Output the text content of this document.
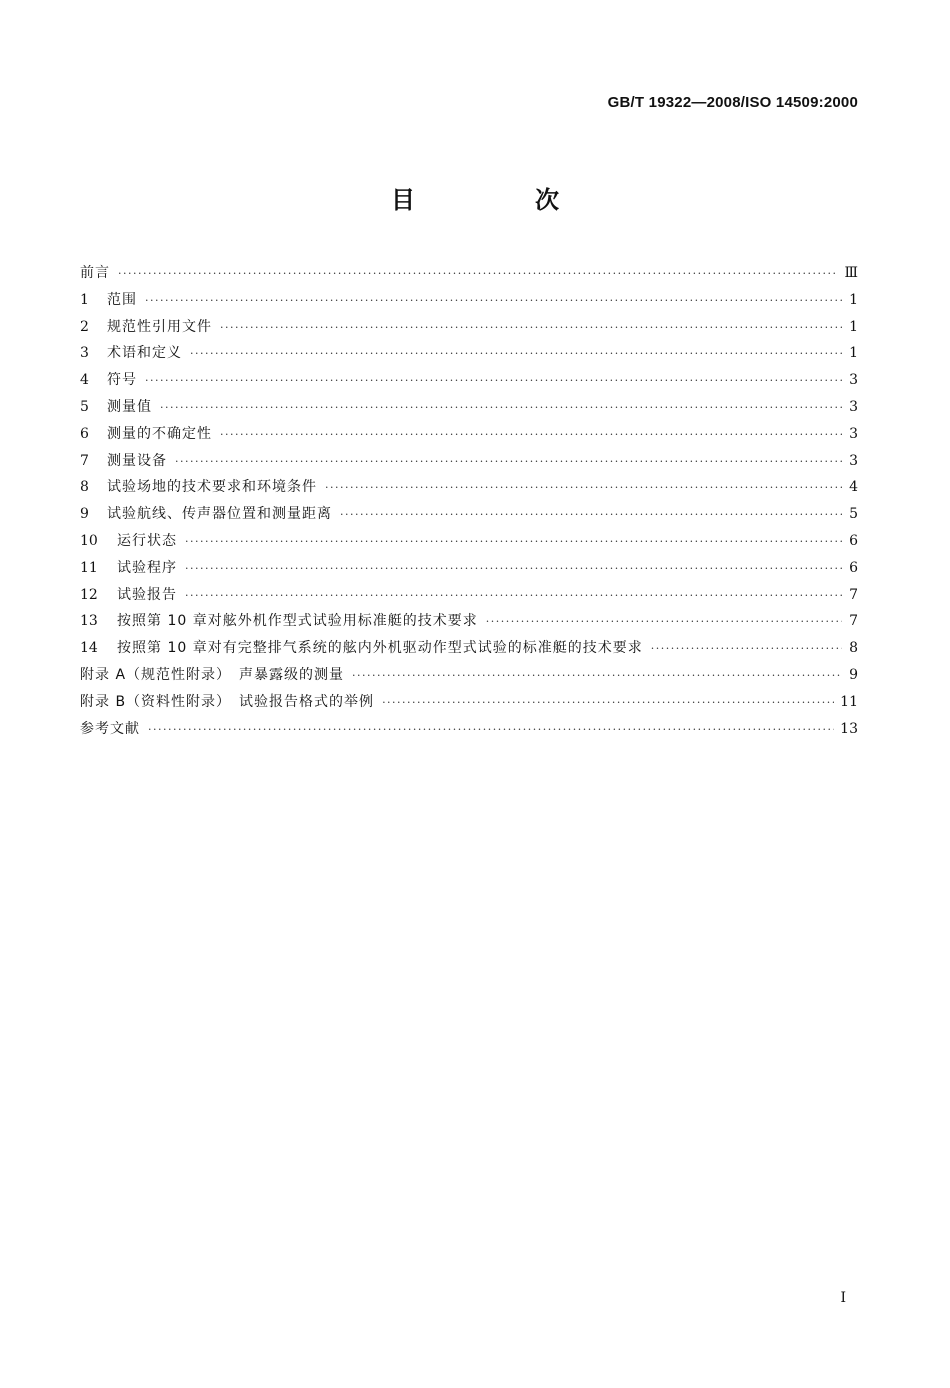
GB/T 19322—2008/ISO 14509:2000
目　次
前言 ·····	Ⅲ
1	范围 ·····	1
2	规范性引用文件 ·····	1
3	术语和定义 ·····	1
4	符号 ·····	3
5	测量值 ·····	3
6	测量的不确定性 ·····	3
7	测量设备 ·····	3
8	试验场地的技术要求和环境条件 ·····	4
9	试验航线、传声器位置和测量距离 ·····	5
10	运行状态 ·····	6
11	试验程序 ·····	6
12	试验报告 ·····	7
13	按照第 10 章对舷外机作型式试验用标准艇的技术要求 ·····	7
14	按照第 10 章对有完整排气系统的舷内外机驱动作型式试验的标准艇的技术要求 ·····	8
附录 A（规范性附录）　声暴露级的测量 ·····	9
附录 B（资料性附录）　试验报告格式的举例 ·····	11
参考文献 ·····	13
I
